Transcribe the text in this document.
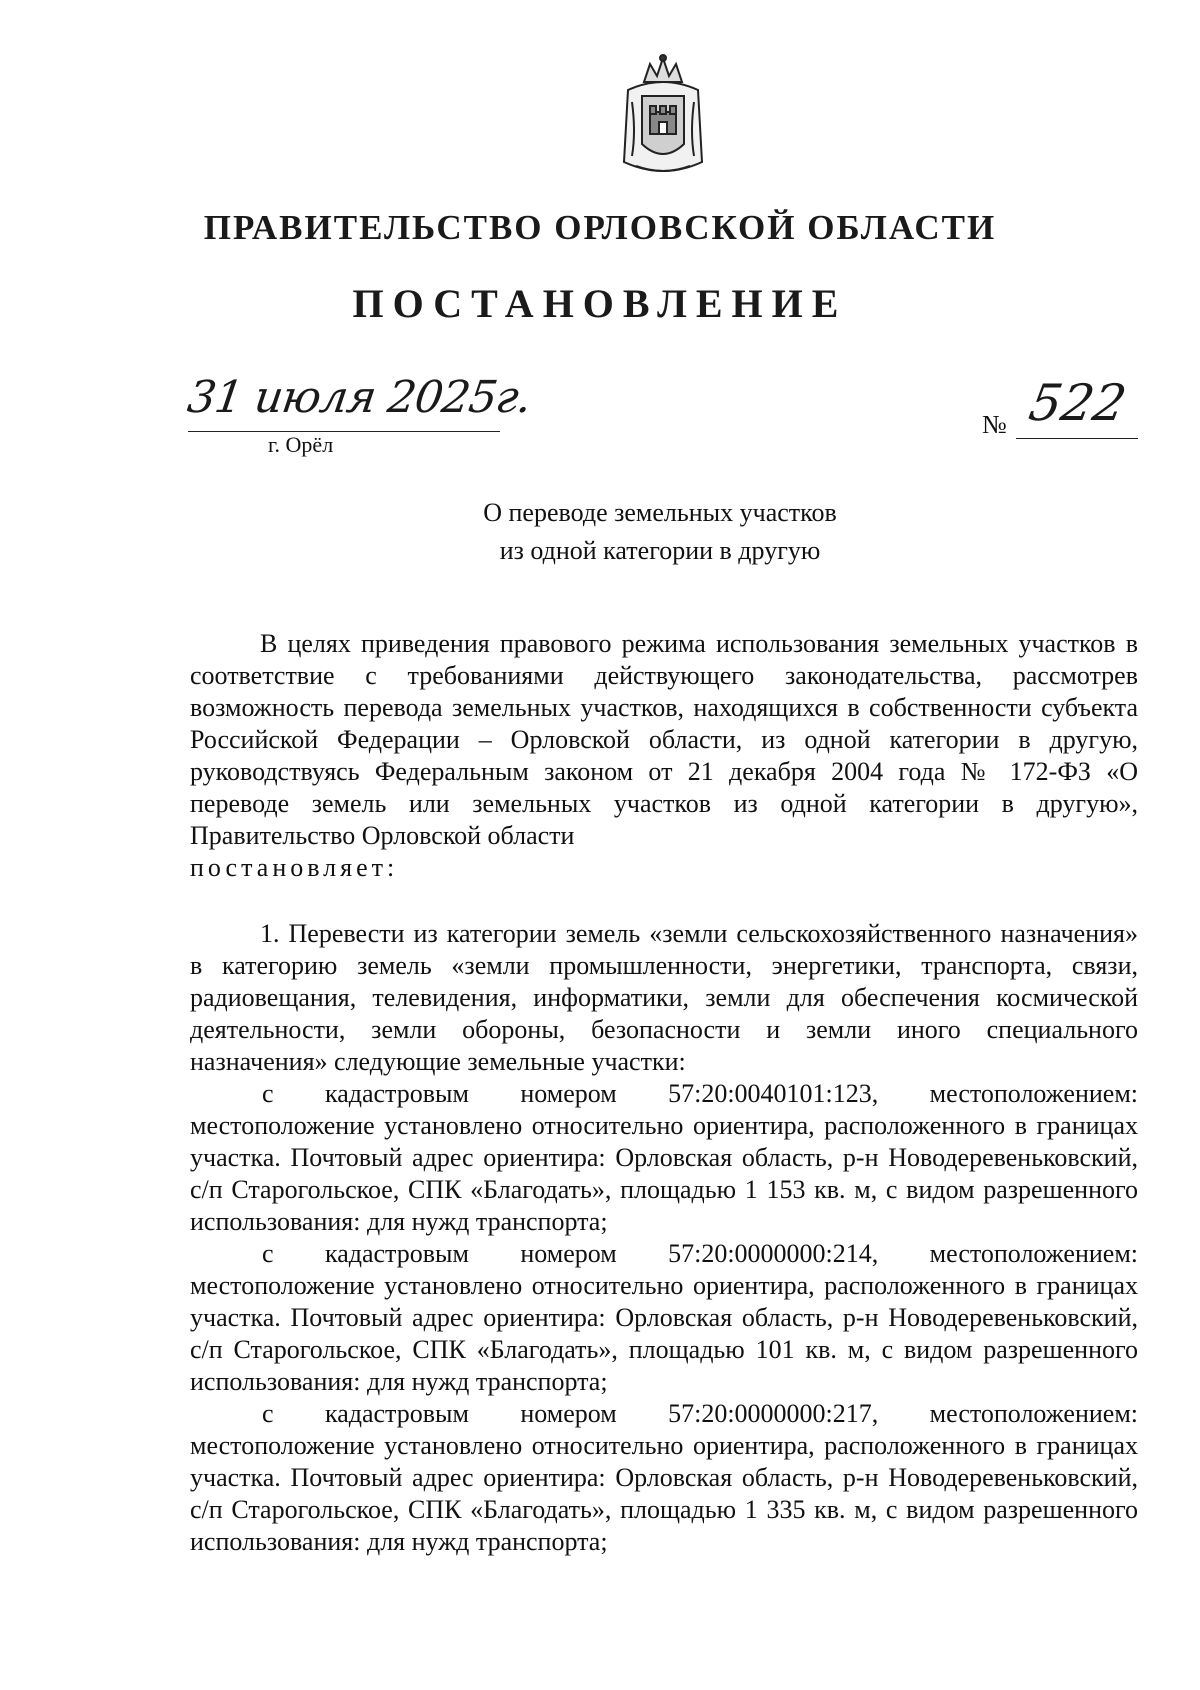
ПРАВИТЕЛЬСТВО ОРЛОВСКОЙ ОБЛАСТИ
ПОСТАНОВЛЕНИЕ
31 июля 2025г.
г. Орёл
№ 522
О переводе земельных участков
из одной категории в другую

В целях приведения правового режима использования земельных участков в соответствие с требованиями действующего законодательства, рассмотрев возможность перевода земельных участков, находящихся в собственности субъекта Российской Федерации – Орловской области, из одной категории в другую, руководствуясь Федеральным законом от 21 декабря 2004 года № 172-ФЗ «О переводе земель или земельных участков из одной категории в другую», Правительство Орловской области

постановляет:

1. Перевести из категории земель «земли сельскохозяйственного назначения» в категорию земель «земли промышленности, энергетики, транспорта, связи, радиовещания, телевидения, информатики, земли для обеспечения космической деятельности, земли обороны, безопасности и земли иного специального назначения» следующие земельные участки:

с кадастровым номером 57:20:0040101:123, местоположением: местоположение установлено относительно ориентира, расположенного в границах участка. Почтовый адрес ориентира: Орловская область, р-н Новодеревеньковский, с/п Старогольское, СПК «Благодать», площадью 1 153 кв. м, с видом разрешенного использования: для нужд транспорта;

с кадастровым номером 57:20:0000000:214, местоположением: местоположение установлено относительно ориентира, расположенного в границах участка. Почтовый адрес ориентира: Орловская область, р-н Новодеревеньковский, с/п Старогольское, СПК «Благодать», площадью 101 кв. м, с видом разрешенного использования: для нужд транспорта;

с кадастровым номером 57:20:0000000:217, местоположением: местоположение установлено относительно ориентира, расположенного в границах участка. Почтовый адрес ориентира: Орловская область, р-н Новодеревеньковский, с/п Старогольское, СПК «Благодать», площадью 1 335 кв. м, с видом разрешенного использования: для нужд транспорта;
